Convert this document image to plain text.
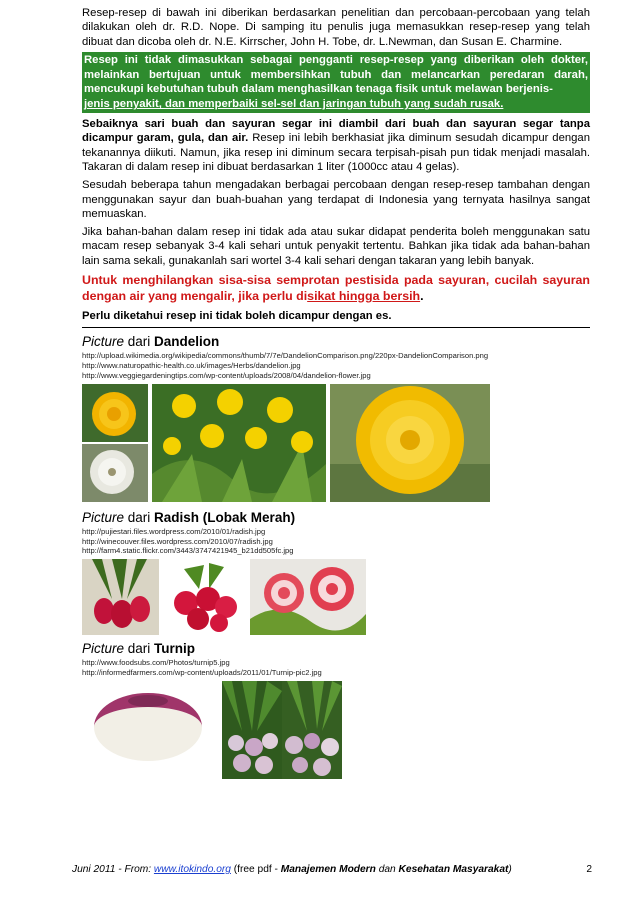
Resep-resep di bawah ini diberikan berdasarkan penelitian dan percobaan-percobaan yang telah dilakukan oleh dr. R.D. Nope. Di samping itu penulis juga memasukkan resep-resep yang telah dibuat dan dicoba oleh dr. N.E. Kirrscher, John H. Tobe, dr. L.Newman, dan Susan E. Charmine.

Resep ini tidak dimasukkan sebagai pengganti resep-resep yang diberikan oleh dokter, melainkan bertujuan untuk membersihkan tubuh dan melancarkan peredaran darah, mencukupi kebutuhan tubuh dalam menghasilkan tenaga fisik untuk melawan berjenis-
jenis penyakit, dan memperbaiki sel-sel dan jaringan tubuh yang sudah rusak.

Sebaiknya sari buah dan sayuran segar ini diambil dari buah dan sayuran segar tanpa dicampur garam, gula, dan air. Resep ini lebih berkhasiat jika diminum sesudah dicampur dengan tekanannya diikuti. Namun, jika resep ini diminum secara terpisah-pisah pun tidak menjadi masalah. Takaran di dalam resep ini dibuat berdasarkan 1 liter (1000cc atau 4 gelas).

Sesudah beberapa tahun mengadakan berbagai percobaan dengan resep-resep tambahan dengan menggunakan sayur dan buah-buahan yang terdapat di Indonesia yang ternyata hasilnya sangat memuaskan.

Jika bahan-bahan dalam resep ini tidak ada atau sukar didapat penderita boleh menggunakan satu macam resep sebanyak 3-4 kali sehari untuk penyakit tertentu. Bahkan jika tidak ada bahan-bahan lain sama sekali, gunakanlah sari wortel 3-4 kali sehari dengan takaran yang lebih banyak.

Untuk menghilangkan sisa-sisa semprotan pestisida pada sayuran, cucilah sayuran dengan air yang mengalir, jika perlu disikat hingga bersih.

Perlu diketahui resep ini tidak boleh dicampur dengan es.

Picture dari Dandelion
http://upload.wikimedia.org/wikipedia/commons/thumb/7/7e/DandelionComparison.png/220px-DandelionComparison.png
http://www.naturopathic-health.co.uk/images/Herbs/dandelion.jpg
http://www.veggiegardeningtips.com/wp-content/uploads/2008/04/dandelion-flower.jpg
Picture dari Radish (Lobak Merah)
http://pujiestari.files.wordpress.com/2010/01/radish.jpg
http://winecouver.files.wordpress.com/2010/07/radish.jpg
http://farm4.static.flickr.com/3443/3747421945_b21dd505fc.jpg
Picture dari Turnip
http://www.foodsubs.com/Photos/turnip5.jpg
http://informedfarmers.com/wp-content/uploads/2011/01/Turnip-pic2.jpg
Juni 2011 - From: www.itokindo.org (free pdf - Manajemen Modern dan Kesehatan Masyarakat)	2
